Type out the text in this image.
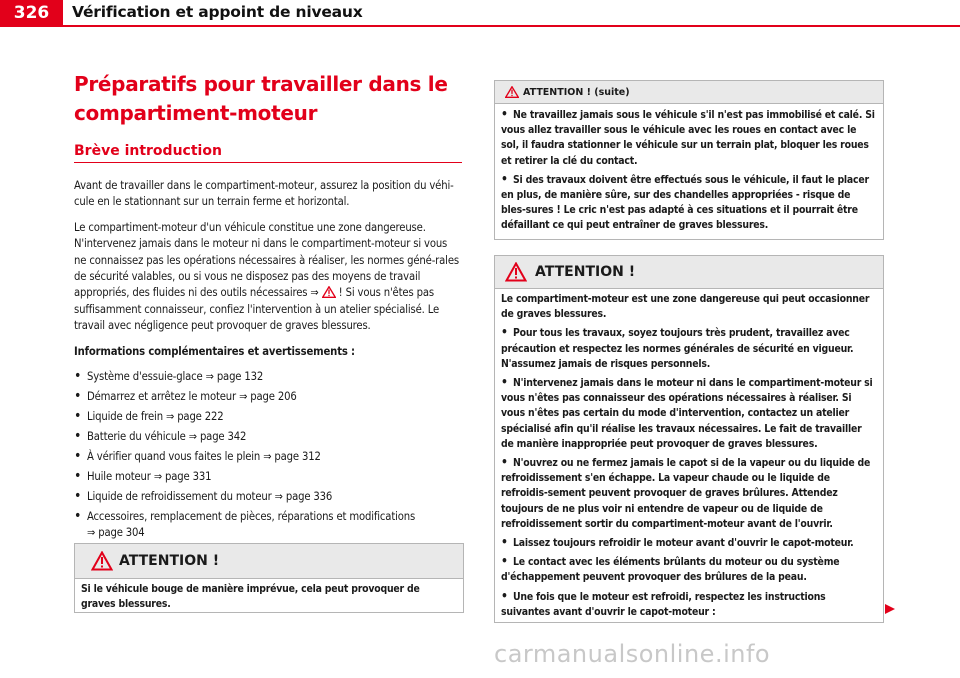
326	Vérification et appoint de niveaux
Préparatifs pour travailler dans le
compartiment-moteur
Brève introduction

Avant de travailler dans le compartiment-moteur, assurez la position du véhi-cule en le stationnant sur un terrain ferme et horizontal.

Le compartiment-moteur d'un véhicule constitue une zone dangereuse. N'intervenez jamais dans le moteur ni dans le compartiment-moteur si vous ne connaissez pas les opérations nécessaires à réaliser, les normes géné-rales de sécurité valables, ou si vous ne disposez pas des moyens de travail appropriés, des fluides ni des outils nécessaires ⇒ ! Si vous n'êtes pas suffisamment connaisseur, confiez l'intervention à un atelier spécialisé. Le travail avec négligence peut provoquer de graves blessures.

Informations complémentaires et avertissements :

• Système d'essuie-glace ⇒ page 132
• Démarrez et arrêtez le moteur ⇒ page 206
• Liquide de frein ⇒ page 222
• Batterie du véhicule ⇒ page 342
• À vérifier quand vous faites le plein ⇒ page 312
• Huile moteur ⇒ page 331
• Liquide de refroidissement du moteur ⇒ page 336
• Accessoires, remplacement de pièces, réparations et modifications
⇒ page 304
ATTENTION !

Si le véhicule bouge de manière imprévue, cela peut provoquer de graves blessures.

ATTENTION ! (suite)

• Ne travaillez jamais sous le véhicule s'il n'est pas immobilisé et calé. Si vous allez travailler sous le véhicule avec les roues en contact avec le sol, il faudra stationner le véhicule sur un terrain plat, bloquer les roues et retirer la clé du contact.

• Si des travaux doivent être effectués sous le véhicule, il faut le placer en plus, de manière sûre, sur des chandelles appropriées - risque de bles-sures ! Le cric n'est pas adapté à ces situations et il pourrait être défaillant ce qui peut entraîner de graves blessures.

ATTENTION !

Le compartiment-moteur est une zone dangereuse qui peut occasionner de graves blessures.

• Pour tous les travaux, soyez toujours très prudent, travaillez avec précaution et respectez les normes générales de sécurité en vigueur. N'assumez jamais de risques personnels.

• N'intervenez jamais dans le moteur ni dans le compartiment-moteur si vous n'êtes pas connaisseur des opérations nécessaires à réaliser. Si vous n'êtes pas certain du mode d'intervention, contactez un atelier spécialisé afin qu'il réalise les travaux nécessaires. Le fait de travailler de manière inappropriée peut provoquer de graves blessures.

• N'ouvrez ou ne fermez jamais le capot si de la vapeur ou du liquide de refroidissement s'en échappe. La vapeur chaude ou le liquide de refroidis-sement peuvent provoquer de graves brûlures. Attendez toujours de ne plus voir ni entendre de vapeur ou de liquide de refroidissement sortir du compartiment-moteur avant de l'ouvrir.

• Laissez toujours refroidir le moteur avant d'ouvrir le capot-moteur.

• Le contact avec les éléments brûlants du moteur ou du système d'échappement peuvent provoquer des brûlures de la peau.

• Une fois que le moteur est refroidi, respectez les instructions suivantes avant d'ouvrir le capot-moteur :

carmanualsonline.info
